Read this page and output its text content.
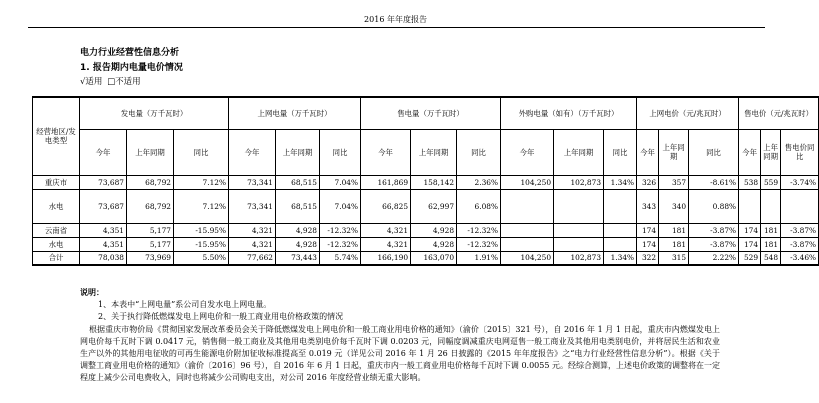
2016 年年度报告
电力行业经营性信息分析
1. 报告期内电量电价情况
√适用 □不适用
经营地区/发电类型	发电量（万千瓦时）			上网电量（万千瓦时）			售电量（万千瓦时）			外购电量（如有）（万千瓦时）			上网电价（元/兆瓦时）			售电价（元/兆瓦时）		
	今年	上年同期	同比	今年	上年同期	同比	今年	上年同期	同比	今年	上年同期	同比	今年	上年同期	同比	今年	上年同期	售电价同比
重庆市	73,687	68,792	7.12%	73,341	68,515	7.04%	161,869	158,142	2.36%	104,250	102,873	1.34%	326	357	-8.61%	538	559	-3.74%
水电	73,687	68,792	7.12%	73,341	68,515	7.04%	66,825	62,997	6.08%				343	340	0.88%			
云南省	4,351	5,177	-15.95%	4,321	4,928	-12.32%	4,321	4,928	-12.32%				174	181	-3.87%	174	181	-3.87%
水电	4,351	5,177	-15.95%	4,321	4,928	-12.32%	4,321	4,928	-12.32%				174	181	-3.87%	174	181	-3.87%
合计	78,038	73,969	5.50%	77,662	73,443	5.74%	166,190	163,070	1.91%	104,250	102,873	1.34%	322	315	2.22%	529	548	-3.46%
说明：
1、本表中“上网电量”系公司自发水电上网电量。
2、关于执行降低燃煤发电上网电价和一般工商业用电价格政策的情况
根据重庆市物价局《贯彻国家发展改革委员会关于降低燃煤发电上网电价和一般工商业用电价格的通知》（渝价〔2015〕321 号），自 2016 年 1 月 1 日起，重庆市内燃煤发电上网电价每千瓦时下调 0.0417 元，销售侧一般工商业及其他用电类别电价每千瓦时下调 0.0203 元，同幅度调减重庆电网趸售一般工商业及其他用电类别电价，并将居民生活和农业生产以外的其他用电征收的可再生能源电价附加征收标准提高至 0.019 元（详见公司 2016 年 1 月 26 日披露的《2015 年年度报告》之“电力行业经营性信息分析”）。根据《关于调整工商业用电价格的通知》（渝价〔2016〕96 号），自 2016 年 6 月 1 日起，重庆市内一般工商业用电价格每千瓦时下调 0.0055 元。经综合测算，上述电价政策的调整将在一定程度上减少公司电费收入，同时也将减少公司购电支出，对公司 2016 年度经营业绩无重大影响。
